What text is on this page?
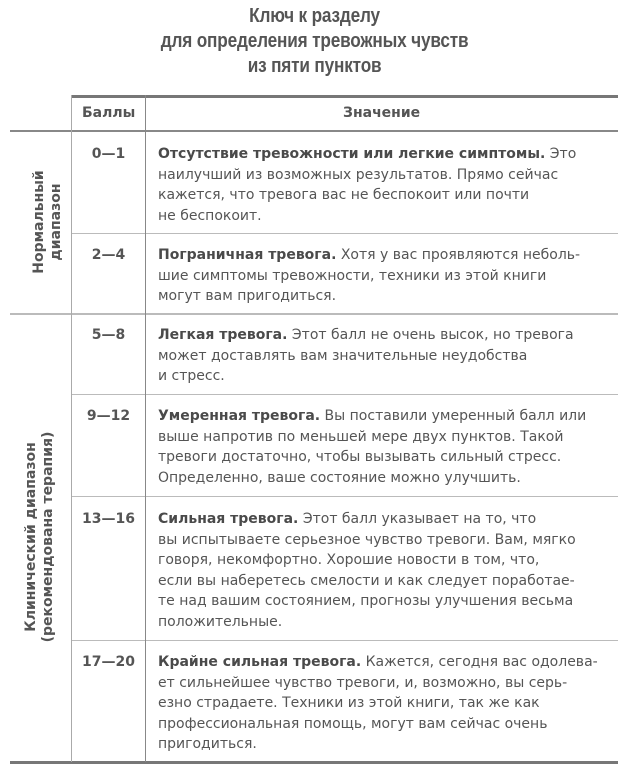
Ключ к разделу
для определения тревожных чувств
из пяти пунктов
Баллы	Значение
Нормальный диапазон
Клинический диапазон (рекомендована терапия)
0—1	Отсутствие тревожности или легкие симптомы. Это
наилучший из возможных результатов. Прямо сейчас
кажется, что тревога вас не беспокоит или почти
не беспокоит.
2—4	Пограничная тревога. Хотя у вас проявляются неболь-
шие симптомы тревожности, техники из этой книги
могут вам пригодиться.
5—8	Легкая тревога. Этот балл не очень высок, но тревога
может доставлять вам значительные неудобства
и стресс.
9—12	Умеренная тревога. Вы поставили умеренный балл или
выше напротив по меньшей мере двух пунктов. Такой
тревоги достаточно, чтобы вызывать сильный стресс.
Определенно, ваше состояние можно улучшить.
13—16	Сильная тревога. Этот балл указывает на то, что
вы испытываете серьезное чувство тревоги. Вам, мягко
говоря, некомфортно. Хорошие новости в том, что,
если вы наберетесь смелости и как следует поработае-
те над вашим состоянием, прогнозы улучшения весьма
положительные.
17—20	Крайне сильная тревога. Кажется, сегодня вас одолева-
ет сильнейшее чувство тревоги, и, возможно, вы серь-
езно страдаете. Техники из этой книги, так же как
профессиональная помощь, могут вам сейчас очень
пригодиться.
